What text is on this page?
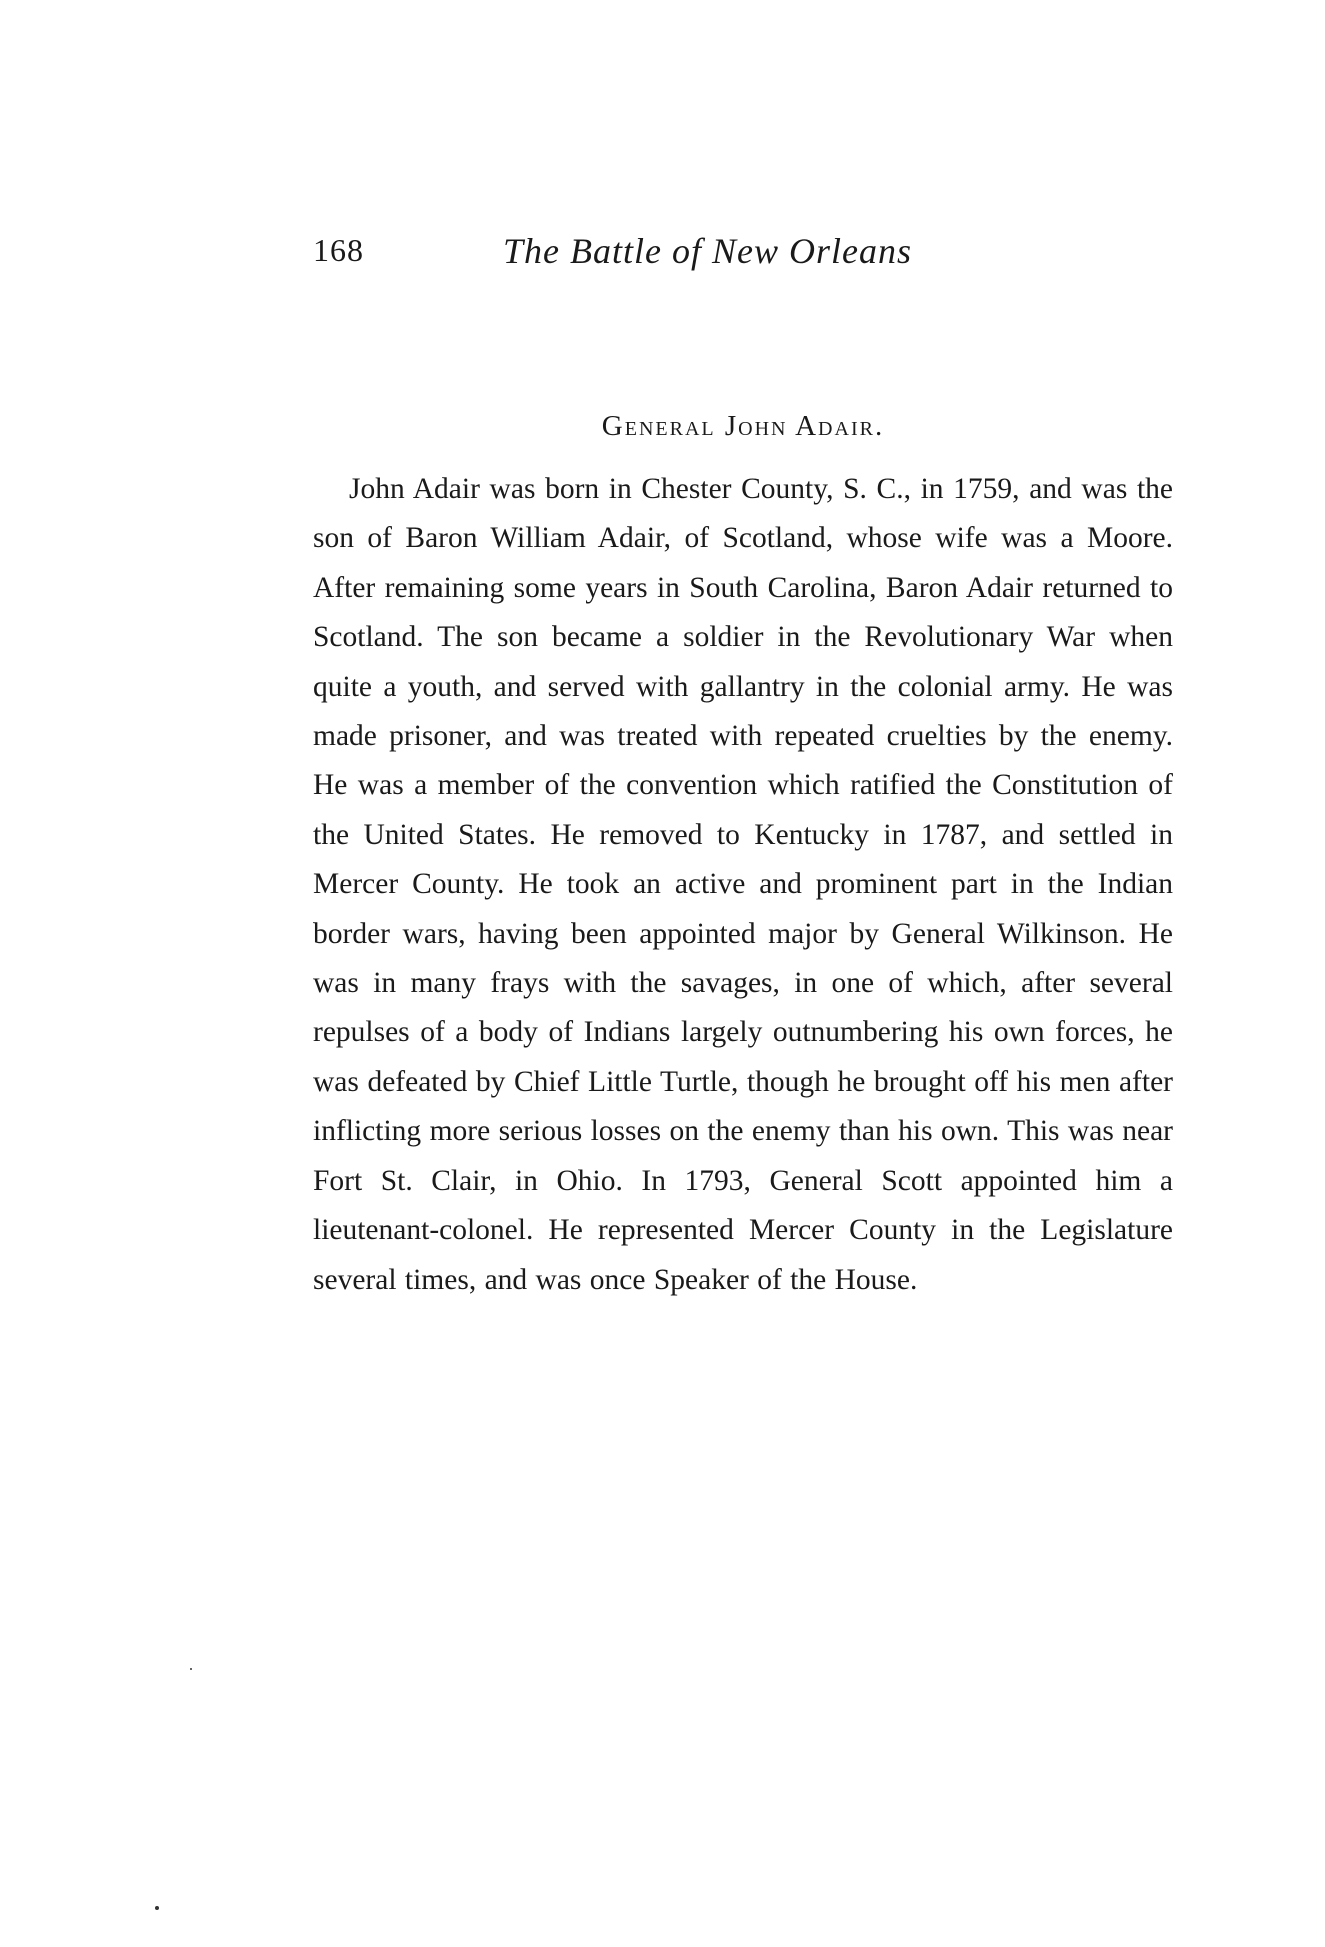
168	The Battle of New Orleans
General John Adair.

John Adair was born in Chester County, S. C., in 1759, and was the son of Baron William Adair, of Scotland, whose wife was a Moore. After remaining some years in South Carolina, Baron Adair returned to Scotland. The son became a soldier in the Revolutionary War when quite a youth, and served with gallantry in the colonial army. He was made prisoner, and was treated with repeated cruelties by the enemy. He was a member of the convention which ratified the Constitution of the United States. He removed to Kentucky in 1787, and settled in Mercer County. He took an active and prominent part in the Indian border wars, having been appointed major by General Wilkinson. He was in many frays with the savages, in one of which, after several repulses of a body of Indians largely outnumbering his own forces, he was defeated by Chief Little Turtle, though he brought off his men after inflicting more serious losses on the enemy than his own. This was near Fort St. Clair, in Ohio. In 1793, General Scott appointed him a lieutenant-colonel. He represented Mercer County in the Legislature several times, and was once Speaker of the House.
